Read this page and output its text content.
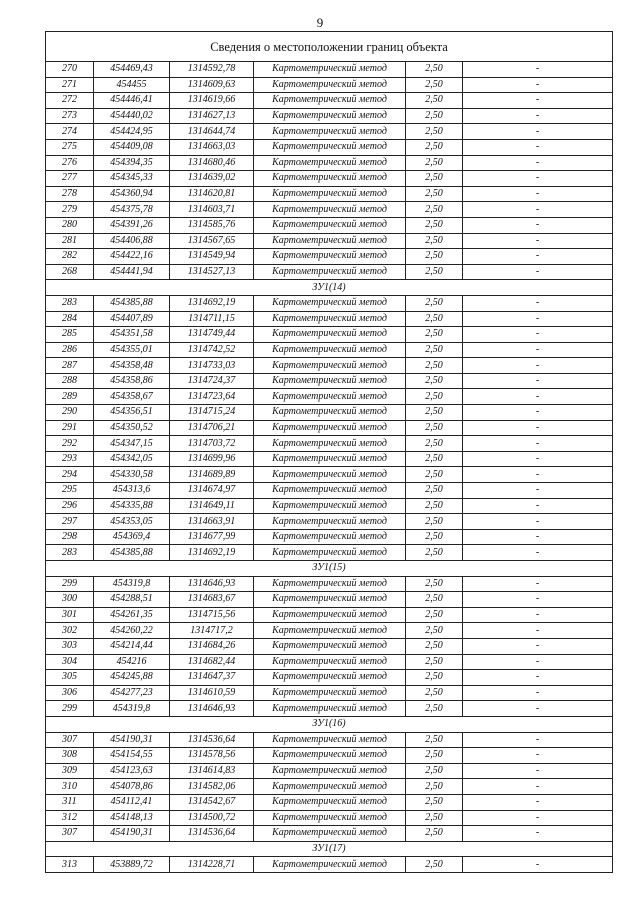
9
Сведения о местоположении границ объекта					
270	454469,43	1314592,78	Картометрический метод	2,50	-
271	454455	1314609,63	Картометрический метод	2,50	-
272	454446,41	1314619,66	Картометрический метод	2,50	-
273	454440,02	1314627,13	Картометрический метод	2,50	-
274	454424,95	1314644,74	Картометрический метод	2,50	-
275	454409,08	1314663,03	Картометрический метод	2,50	-
276	454394,35	1314680,46	Картометрический метод	2,50	-
277	454345,33	1314639,02	Картометрический метод	2,50	-
278	454360,94	1314620,81	Картометрический метод	2,50	-
279	454375,78	1314603,71	Картометрический метод	2,50	-
280	454391,26	1314585,76	Картометрический метод	2,50	-
281	454406,88	1314567,65	Картометрический метод	2,50	-
282	454422,16	1314549,94	Картометрический метод	2,50	-
268	454441,94	1314527,13	Картометрический метод	2,50	-
ЗУ1(14)					
283	454385,88	1314692,19	Картометрический метод	2,50	-
284	454407,89	1314711,15	Картометрический метод	2,50	-
285	454351,58	1314749,44	Картометрический метод	2,50	-
286	454355,01	1314742,52	Картометрический метод	2,50	-
287	454358,48	1314733,03	Картометрический метод	2,50	-
288	454358,86	1314724,37	Картометрический метод	2,50	-
289	454358,67	1314723,64	Картометрический метод	2,50	-
290	454356,51	1314715,24	Картометрический метод	2,50	-
291	454350,52	1314706,21	Картометрический метод	2,50	-
292	454347,15	1314703,72	Картометрический метод	2,50	-
293	454342,05	1314699,96	Картометрический метод	2,50	-
294	454330,58	1314689,89	Картометрический метод	2,50	-
295	454313,6	1314674,97	Картометрический метод	2,50	-
296	454335,88	1314649,11	Картометрический метод	2,50	-
297	454353,05	1314663,91	Картометрический метод	2,50	-
298	454369,4	1314677,99	Картометрический метод	2,50	-
283	454385,88	1314692,19	Картометрический метод	2,50	-
ЗУ1(15)					
299	454319,8	1314646,93	Картометрический метод	2,50	-
300	454288,51	1314683,67	Картометрический метод	2,50	-
301	454261,35	1314715,56	Картометрический метод	2,50	-
302	454260,22	1314717,2	Картометрический метод	2,50	-
303	454214,44	1314684,26	Картометрический метод	2,50	-
304	454216	1314682,44	Картометрический метод	2,50	-
305	454245,88	1314647,37	Картометрический метод	2,50	-
306	454277,23	1314610,59	Картометрический метод	2,50	-
299	454319,8	1314646,93	Картометрический метод	2,50	-
ЗУ1(16)					
307	454190,31	1314536,64	Картометрический метод	2,50	-
308	454154,55	1314578,56	Картометрический метод	2,50	-
309	454123,63	1314614,83	Картометрический метод	2,50	-
310	454078,86	1314582,06	Картометрический метод	2,50	-
311	454112,41	1314542,67	Картометрический метод	2,50	-
312	454148,13	1314500,72	Картометрический метод	2,50	-
307	454190,31	1314536,64	Картометрический метод	2,50	-
ЗУ1(17)					
313	453889,72	1314228,71	Картометрический метод	2,50	-
